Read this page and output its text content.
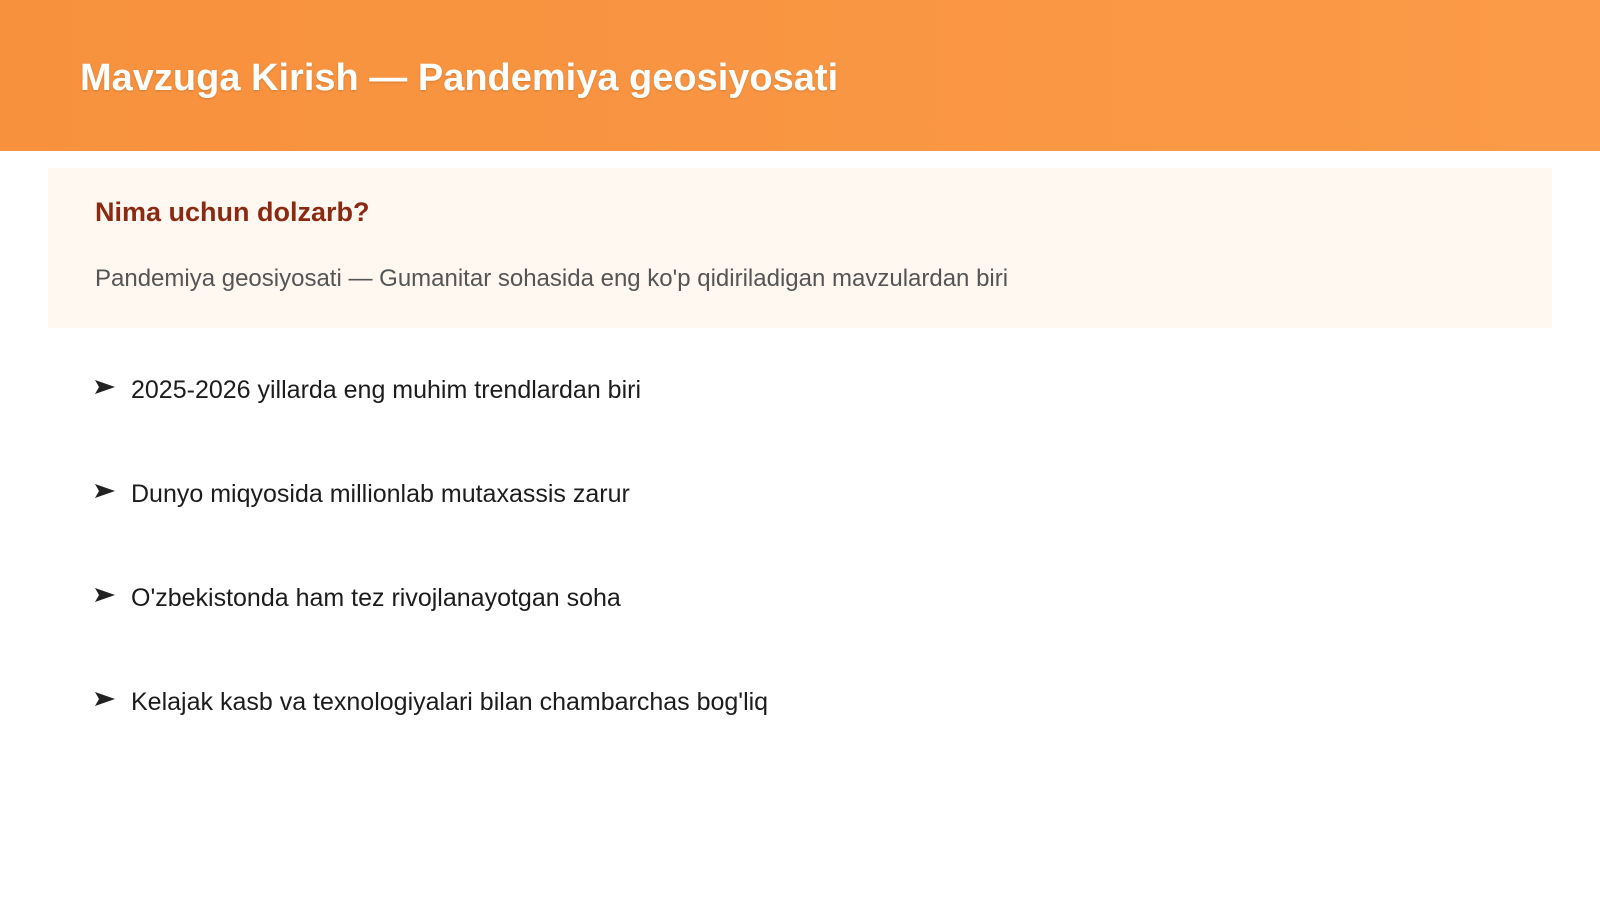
Mavzuga Kirish — Pandemiya geosiyosati
Nima uchun dolzarb?

Pandemiya geosiyosati — Gumanitar sohasida eng ko'p qidiriladigan mavzulardan biri

2025-2026 yillarda eng muhim trendlardan biri
Dunyo miqyosida millionlab mutaxassis zarur
O'zbekistonda ham tez rivojlanayotgan soha
Kelajak kasb va texnologiyalari bilan chambarchas bog'liq
